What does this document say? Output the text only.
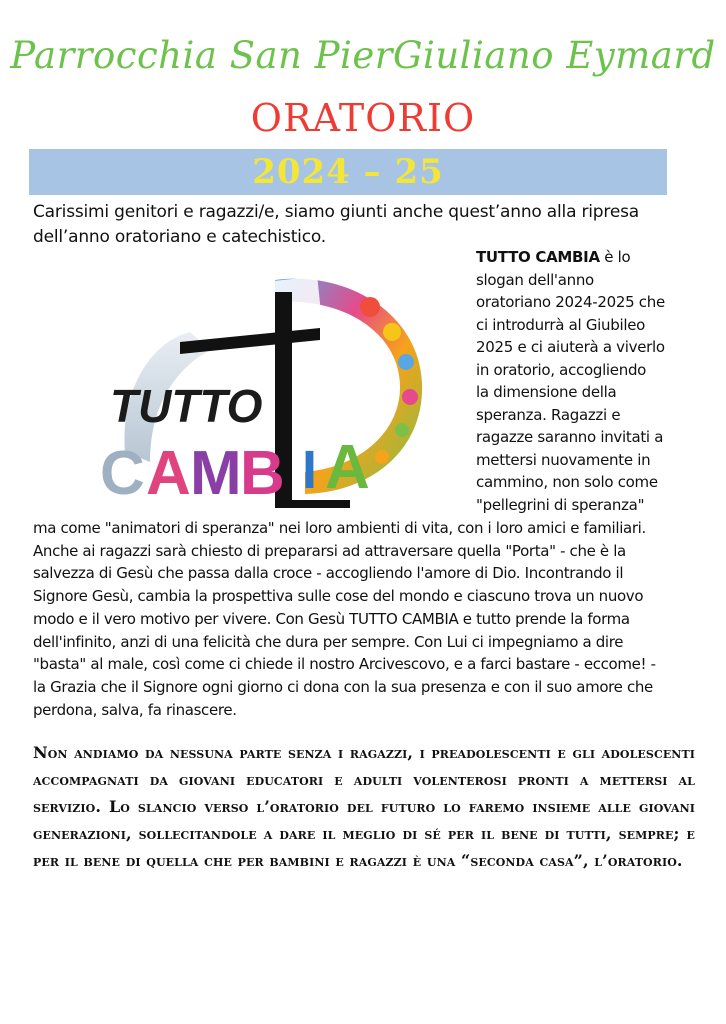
Parrocchia San PierGiuliano Eymard
ORATORIO
2024 – 25
Carissimi genitori e ragazzi/e, siamo giunti anche quest’anno alla ripresa dell’anno oratoriano e catechistico.
TUTTO
C A M
B I A
TUTTO CAMBIA è lo
slogan dell'anno
oratoriano 2024-2025 che
ci introdurrà al Giubileo
2025 e ci aiuterà a viverlo
in oratorio, accogliendo
la dimensione della
speranza. Ragazzi e
ragazze saranno invitati a
mettersi nuovamente in
cammino, non solo come
"pellegrini di speranza"
ma come "animatori di speranza" nei loro ambienti di vita, con i loro amici e familiari.
Anche ai ragazzi sarà chiesto di prepararsi ad attraversare quella "Porta" - che è la
salvezza di Gesù che passa dalla croce - accogliendo l'amore di Dio. Incontrando il
Signore Gesù, cambia la prospettiva sulle cose del mondo e ciascuno trova un nuovo
modo e il vero motivo per vivere. Con Gesù TUTTO CAMBIA e tutto prende la forma
dell'infinito, anzi di una felicità che dura per sempre. Con Lui ci impegniamo a dire
"basta" al male, così come ci chiede il nostro Arcivescovo, e a farci bastare - eccome! -
la Grazia che il Signore ogni giorno ci dona con la sua presenza e con il suo amore che
perdona, salva, fa rinascere.
Non andiamo da nessuna parte senza i ragazzi, i preadolescenti e gli adolescenti accompagnati da giovani educatori e adulti volenterosi pronti a mettersi al servizio. Lo slancio verso l’oratorio del futuro lo faremo insieme alle giovani generazioni, sollecitandole a dare il meglio di sé per il bene di tutti, sempre; e per il bene di quella che per bambini e ragazzi è una “seconda casa”, l’oratorio.
